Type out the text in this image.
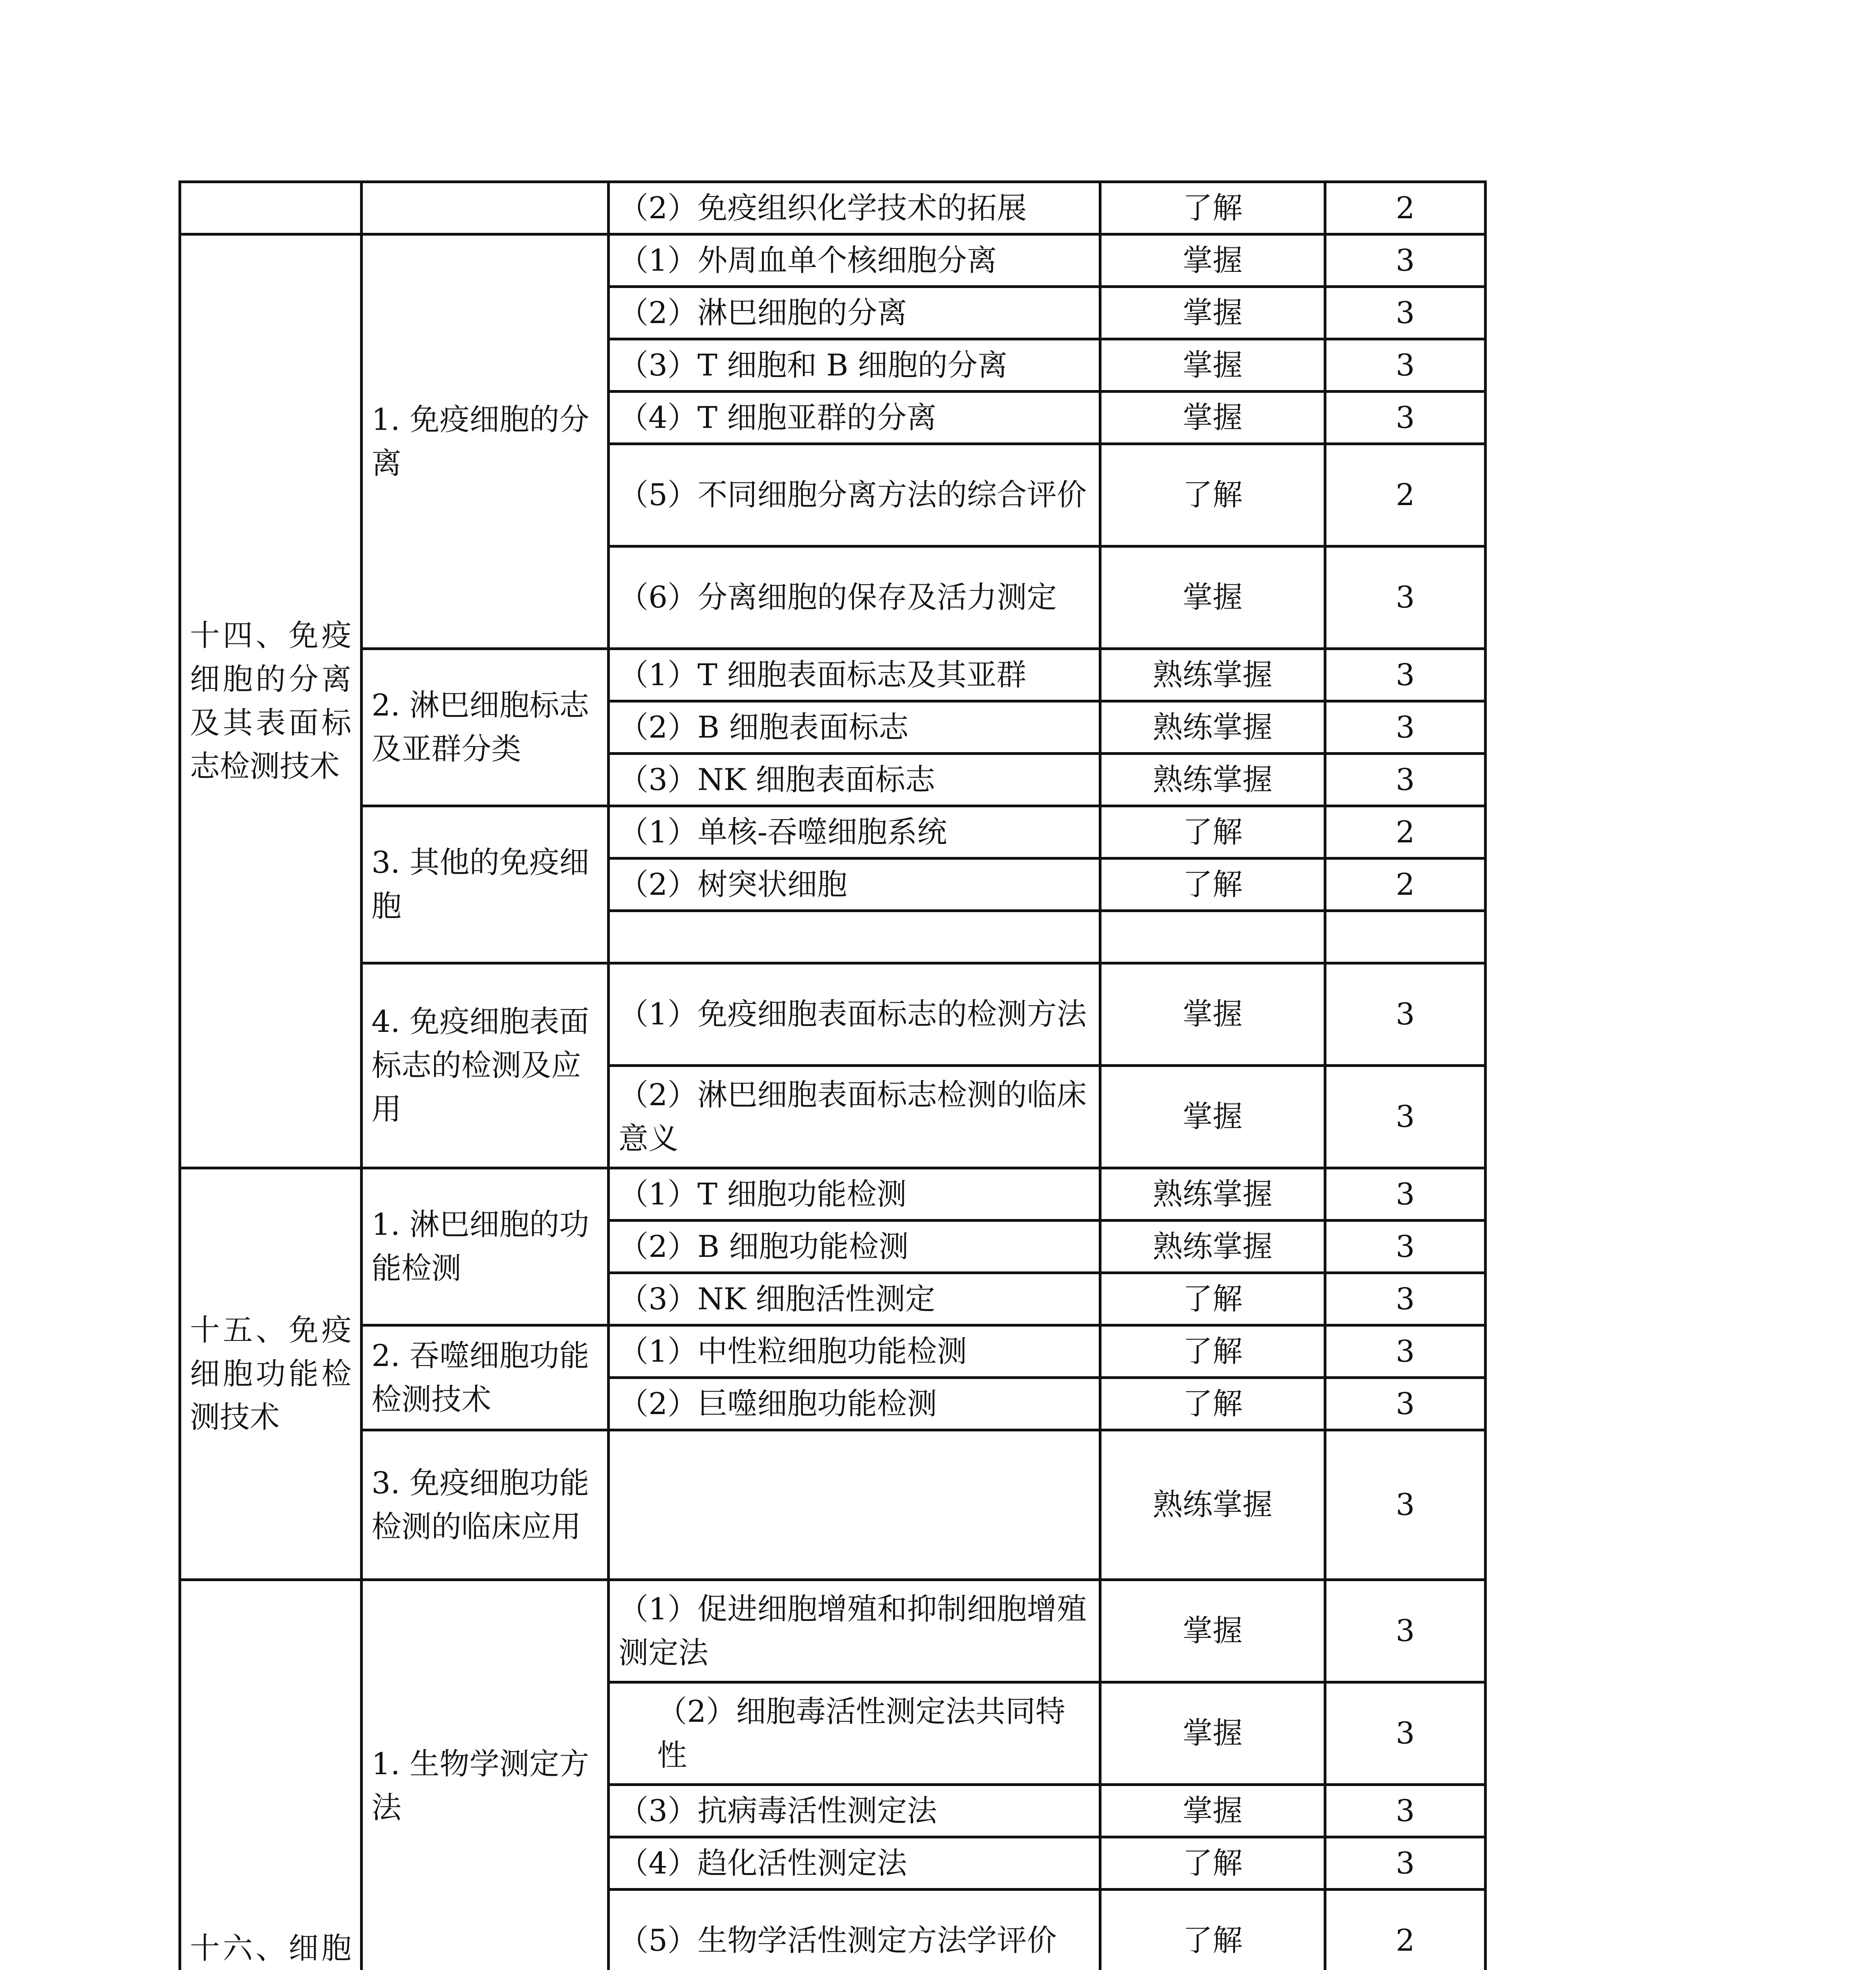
		（2）免疫组织化学技术的拓展	了解	2
十四、免疫细胞的分离及其表面标志检测技术	1. 免疫细胞的分离	（1）外周血单个核细胞分离	掌握	3
		（2）淋巴细胞的分离	掌握	3
		（3）T 细胞和 B 细胞的分离	掌握	3
		（4）T 细胞亚群的分离	掌握	3
		（5）不同细胞分离方法的综合评价	了解	2
		（6）分离细胞的保存及活力测定	掌握	3
	2. 淋巴细胞标志及亚群分类	（1）T 细胞表面标志及其亚群	熟练掌握	3
		（2）B 细胞表面标志	熟练掌握	3
		（3）NK 细胞表面标志	熟练掌握	3
	3. 其他的免疫细胞	（1）单核-吞噬细胞系统	了解	2
		（2）树突状细胞	了解	2

	4. 免疫细胞表面标志的检测及应用	（1）免疫细胞表面标志的检测方法	掌握	3
		（2）淋巴细胞表面标志检测的临床意义	掌握	3
十五、免疫细胞功能检测技术	1. 淋巴细胞的功能检测	（1）T 细胞功能检测	熟练掌握	3
		（2）B 细胞功能检测	熟练掌握	3
		（3）NK 细胞活性测定	了解	3
	2. 吞噬细胞功能检测技术	（1）中性粒细胞功能检测	了解	3
		（2）巨噬细胞功能检测	了解	3
	3. 免疫细胞功能检测的临床应用		熟练掌握	3
十六、细胞	1. 生物学测定方法	（1）促进细胞增殖和抑制细胞增殖测定法	掌握	3
		（2）细胞毒活性测定法共同特性	掌握	3
		（3）抗病毒活性测定法	掌握	3
		（4）趋化活性测定法	了解	3
		（5）生物学活性测定方法学评价	了解	2
